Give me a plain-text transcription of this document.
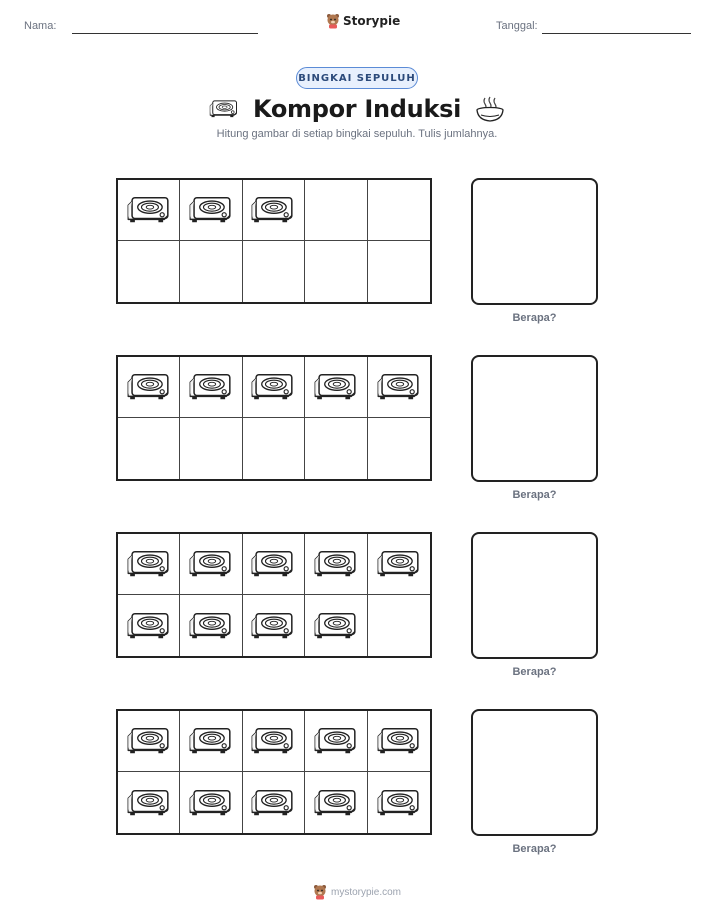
Nama:	Storypie	Tanggal:
BINGKAI SEPULUH
Kompor Induksi
Hitung gambar di setiap bingkai sepuluh. Tulis jumlahnya.
Berapa?
Berapa?
Berapa?
Berapa?
mystorypie.com
